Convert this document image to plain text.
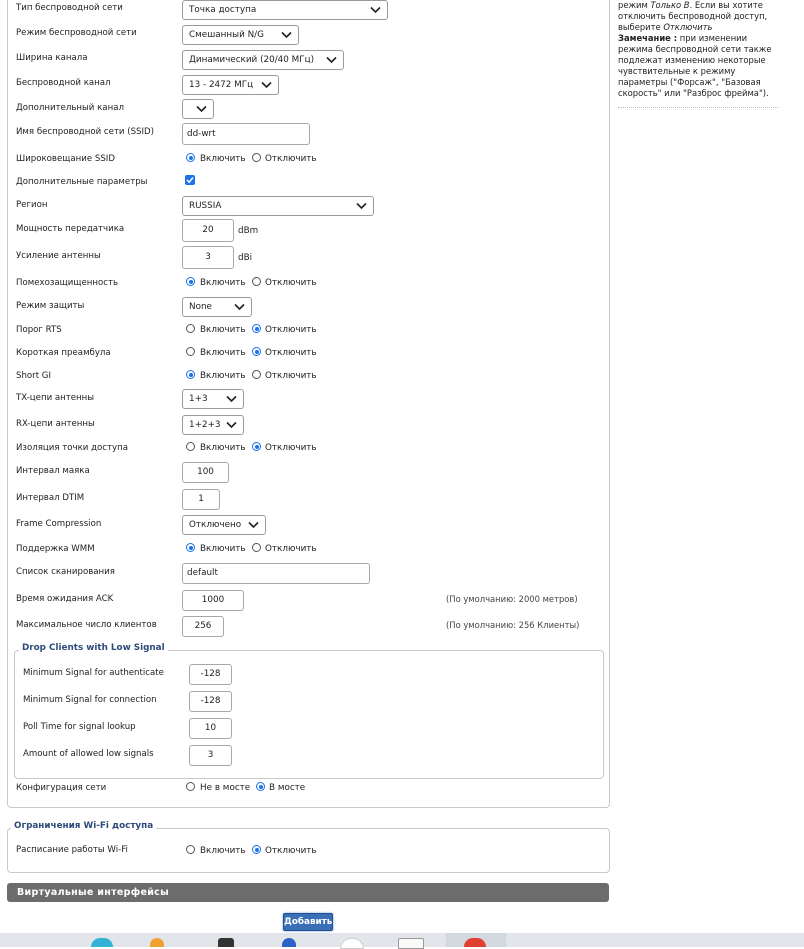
Тип беспроводной сети	Точка доступа
Режим беспроводной сети	Смешанный N/G
Ширина канала	Динамический (20/40 МГц)
Беспроводной канал	13 - 2472 МГц
Дополнительный канал
Имя беспроводной сети (SSID)	dd-wrt
Широковещание SSID	Включить Отключить
Дополнительные параметры
Регион	RUSSIA
Мощность передатчика	20	dBm
Усиление антенны	3	dBi
Помехозащищенность	Включить Отключить
Режим защиты	None
Порог RTS	Включить Отключить
Короткая преамбула	Включить Отключить
Short GI	Включить Отключить
TX-цепи антенны	1+3
RX-цепи антенны	1+2+3
Изоляция точки доступа	Включить Отключить
Интервал маяка	100
Интервал DTIM	1
Frame Compression	Отключено
Поддержка WMM	Включить Отключить
Список сканирования	default
Время ожидания ACK	1000	(По умолчанию: 2000 метров)
Максимальное число клиентов	256	(По умолчанию: 256 Клиенты)
Drop Clients with Low Signal
Minimum Signal for authenticate	-128
Minimum Signal for connection	-128
Poll Time for signal lookup	10
Amount of allowed low signals	3
Конфигурация сети	Не в мосте В мосте
Ограничения Wi-Fi доступа
Расписание работы Wi-Fi	Включить Отключить
Виртуальные интерфейсы
Добавить
режим Только B. Если вы хотите
отключить беспроводной доступ,
выберите Отключить
Замечание : при изменении
режима беспроводной сети также
подлежат изменению некоторые
чувствительные к режиму
параметры ("Форсаж", "Базовая
скорость" или "Разброс фрейма").
